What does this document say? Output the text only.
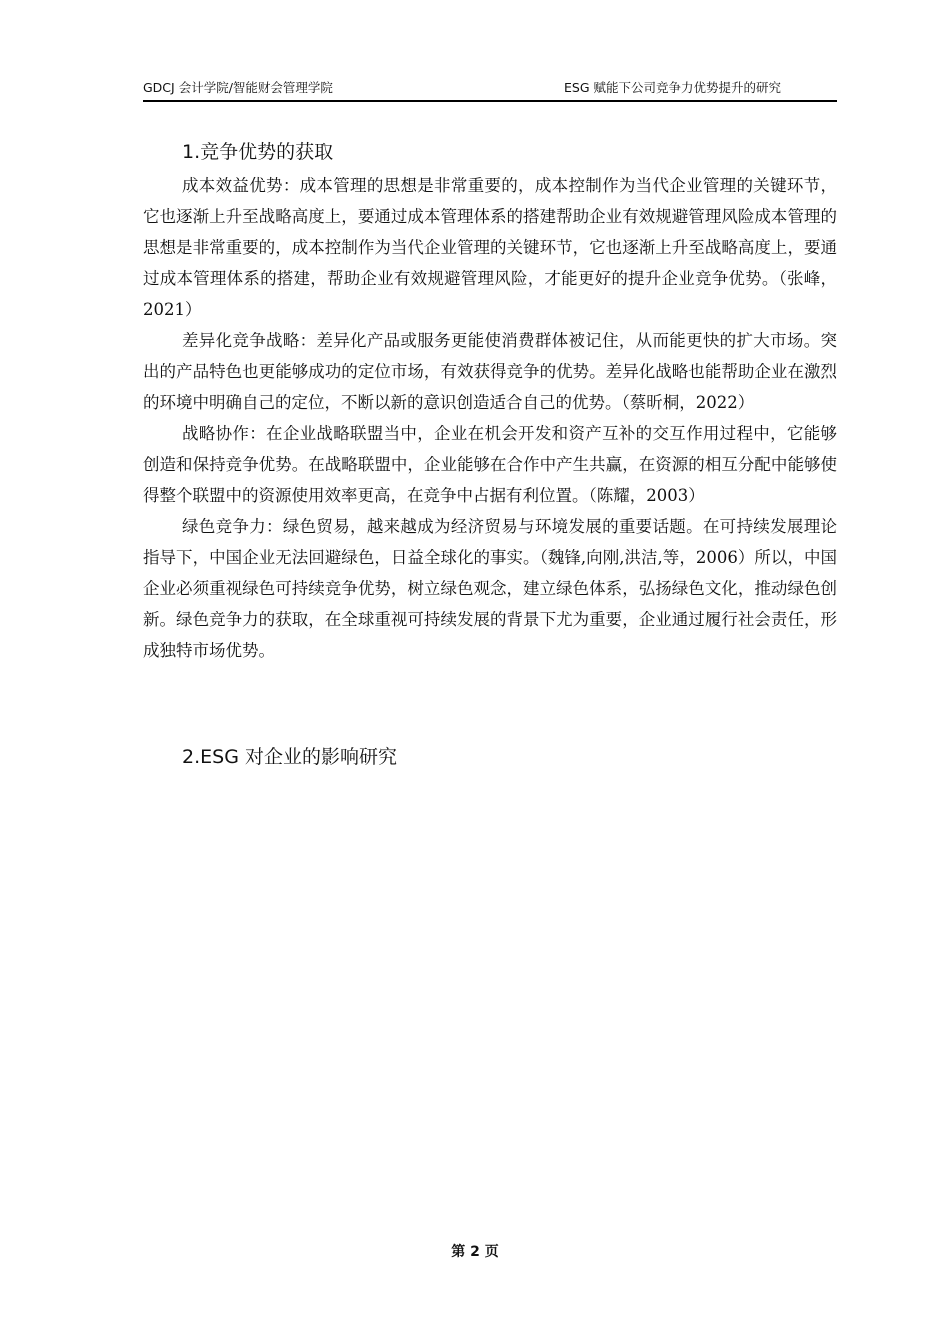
GDCJ 会计学院/智能财会管理学院	ESG 赋能下公司竞争力优势提升的研究
1.竞争优势的获取

成本效益优势：成本管理的思想是非常重要的，成本控制作为当代企业管理的关键环节，它也逐渐上升至战略高度上，要通过成本管理体系的搭建帮助企业有效规避管理风险成本管理的思想是非常重要的，成本控制作为当代企业管理的关键环节，它也逐渐上升至战略高度上，要通过成本管理体系的搭建，帮助企业有效规避管理风险，才能更好的提升企业竞争优势。（张峰，2021）

差异化竞争战略：差异化产品或服务更能使消费群体被记住，从而能更快的扩大市场。突出的产品特色也更能够成功的定位市场，有效获得竞争的优势。差异化战略也能帮助企业在激烈的环境中明确自己的定位，不断以新的意识创造适合自己的优势。（蔡昕桐，2022）

战略协作：在企业战略联盟当中，企业在机会开发和资产互补的交互作用过程中，它能够创造和保持竞争优势。在战略联盟中，企业能够在合作中产生共赢，在资源的相互分配中能够使得整个联盟中的资源使用效率更高，在竞争中占据有利位置。（陈耀，2003）

绿色竞争力：绿色贸易，越来越成为经济贸易与环境发展的重要话题。在可持续发展理论指导下，中国企业无法回避绿色，日益全球化的事实。（魏锋,向刚,洪洁,等，2006）所以，中国企业必须重视绿色可持续竞争优势，树立绿色观念，建立绿色体系，弘扬绿色文化，推动绿色创新。绿色竞争力的获取，在全球重视可持续发展的背景下尤为重要，企业通过履行社会责任，形成独特市场优势。

2.ESG 对企业的影响研究
第 2 页
